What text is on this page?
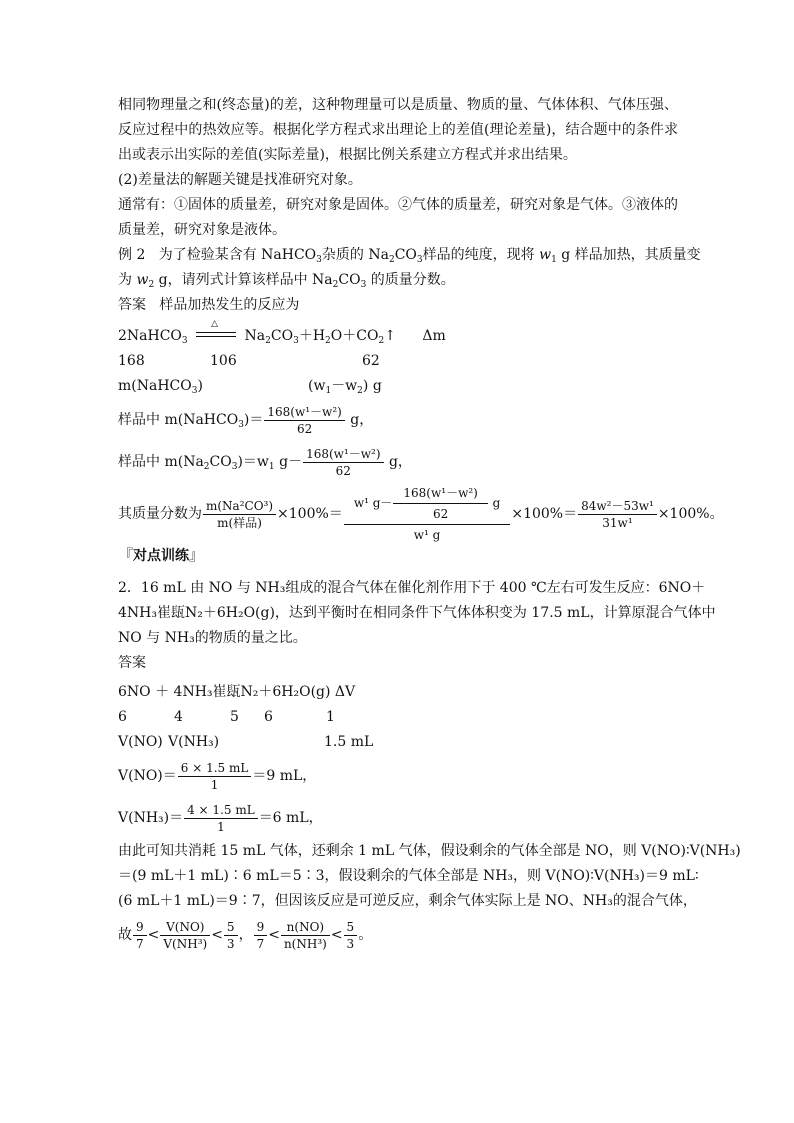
相同物理量之和(终态量)的差，这种物理量可以是质量、物质的量、气体体积、气体压强、
反应过程中的热效应等。根据化学方程式求出理论上的差值(理论差量)，结合题中的条件求
出或表示出实际的差值(实际差量)，根据比例关系建立方程式并求出结果。
(2)差量法的解题关键是找准研究对象。
通常有：①固体的质量差，研究对象是固体。②气体的质量差，研究对象是气体。③液体的
质量差，研究对象是液体。
例 2 为了检验某含有 NaHCO$_3$杂质的 $Na_2CO_3$样品的纯度，现将 $w_1$ g 样品加热，其质量变
为 $w_2$ g，请列式计算该样品中 $Na_2CO_3$ 的质量分数。
答案 样品加热发生的反应为
2NaHCO$_3$
△
$Na_2CO_3+H_2O+CO_2↑$ Δm
168	106	62
m(NaHCO$_3$)	$(w_1-w_2)$ g
样品中 m(NaHCO$_3$)＝ $\frac{\text{168(w¹－w²)}}{62}$ g，
样品中 $m(Na_2CO_3)=w_1$ $g- \frac{\text{168(w¹－w²)}}{62}$ g，
其质量分数为 $\frac{\text{m(Na²CO³)}}{\text{m(样品)}} \times 100\%= \frac{w^1 g- \frac{\text{168(w¹－w²)}}{62} g}{\text{w¹ g}} \times 100\%= \frac{\text{84w²－53w¹}}{\text{31w¹}} \times 100\%$。
『对点训练』
2．16 mL 由 NO 与 NH₃组成的混合气体在催化剂作用下于 400 ℃左右可发生反应：6NO＋
4NH₃崔瓺N₂＋6H₂O(g)，达到平衡时在相同条件下气体体积变为 17.5 mL，计算原混合气体中
NO 与 NH₃的物质的量之比。
答案
6NO ＋ 4NH₃崔瓺N₂＋6H₂O(g) ΔV
6	4	5 6	1
V(NO) V(NH₃)	1.5 mL
$V(NO)= \frac{6 \times 1.5 mL}{1} =9$ mL，
$V(NH_3)= \frac{4 \times 1.5 mL}{1} =6$ mL，
由此可知共消耗 15 mL 气体，还剩余 1 mL 气体，假设剩余的气体全部是 NO，则 V(NO)∶V(NH₃)
＝(9 mL＋1 mL)∶6 mL＝5∶3，假设剩余的气体全部是 NH₃，则 V(NO)∶V(NH₃)＝9 mL∶
(6 mL＋1 mL)＝9∶7，但因该反应是可逆反应，剩余气体实际上是 NO、NH₃的混合气体，
故 $\frac{9}{7} < \frac{V(NO)}{\text{V(NH³)}} < \frac{5}{3}$ ， $\frac{9}{7} < \frac{n(NO)}{\text{n(NH³)}} < \frac{5}{3}$ 。
